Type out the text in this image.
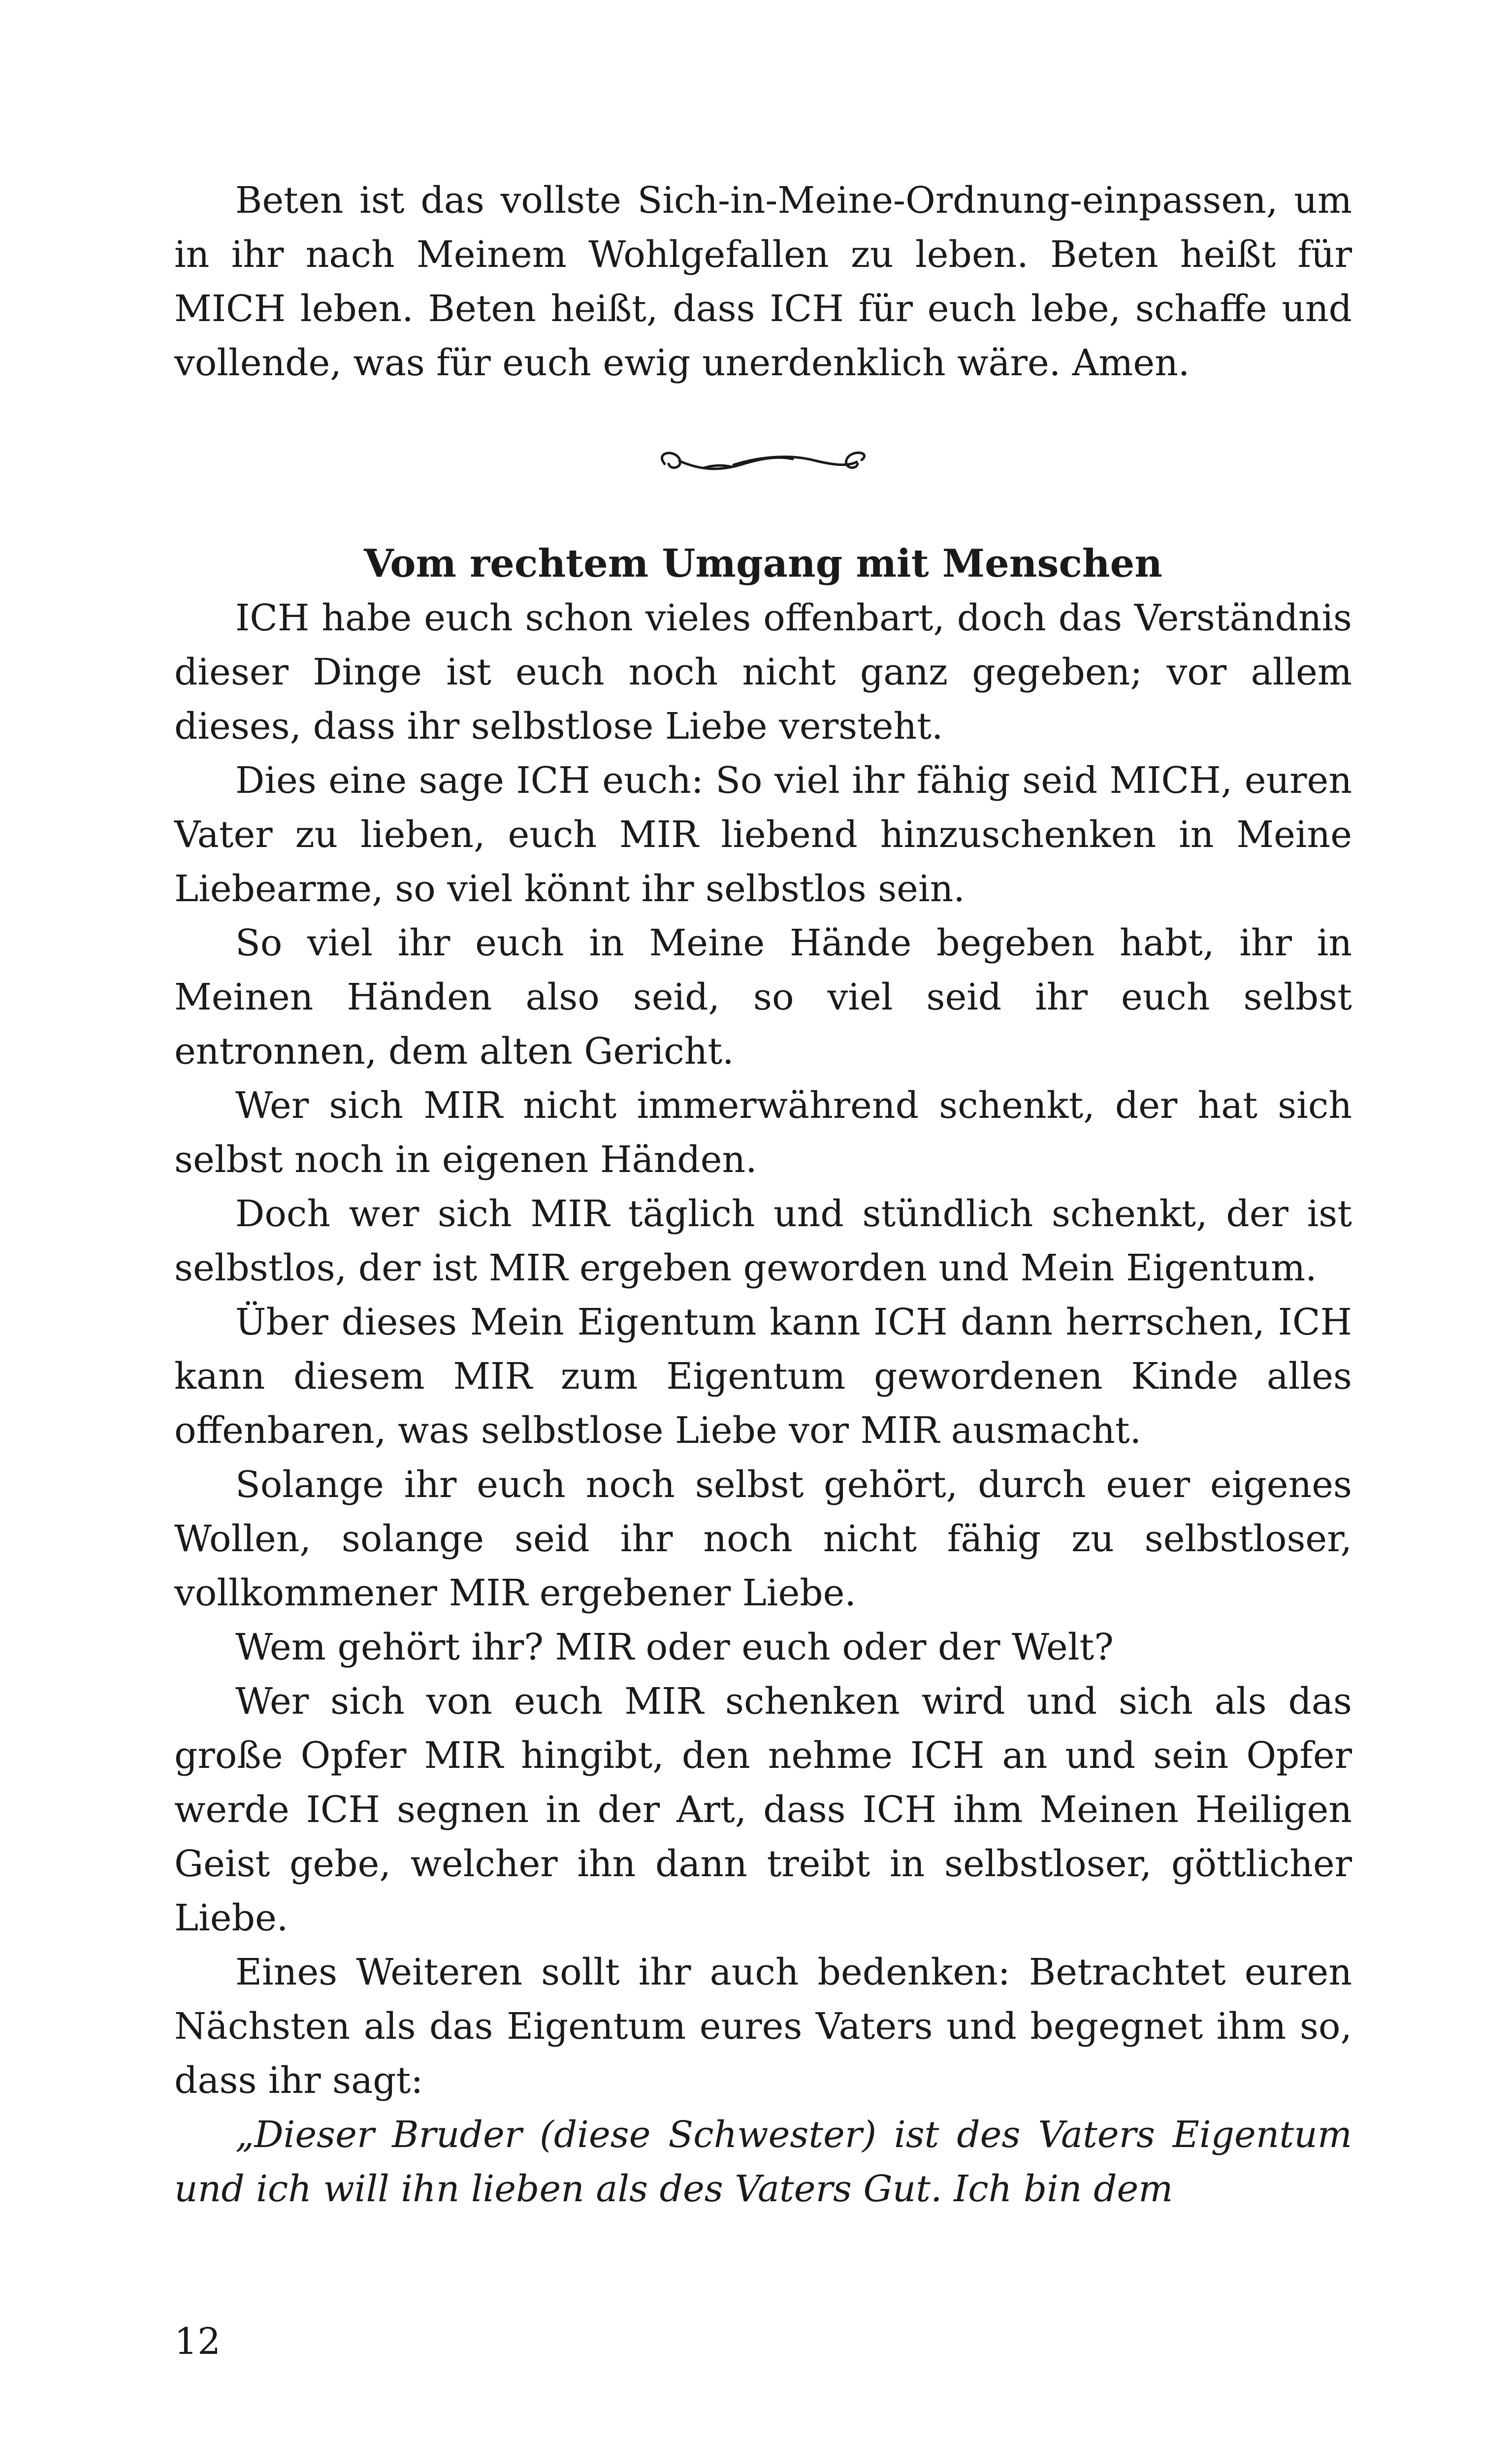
Beten ist das vollste Sich-in-Meine-Ordnung-einpassen, um in ihr nach Meinem Wohlgefallen zu leben. Beten heißt für MICH leben. Beten heißt, dass ICH für euch lebe, schaffe und vollende, was für euch ewig unerdenklich wäre. Amen.

Vom rechtem Umgang mit Menschen

ICH habe euch schon vieles offenbart, doch das Verständnis dieser Dinge ist euch noch nicht ganz gegeben; vor allem dieses, dass ihr selbstlose Liebe versteht.

Dies eine sage ICH euch: So viel ihr fähig seid MICH, euren Vater zu lieben, euch MIR liebend hinzuschenken in Meine Liebearme, so viel könnt ihr selbstlos sein.

So viel ihr euch in Meine Hände begeben habt, ihr in Meinen Händen also seid, so viel seid ihr euch selbst entronnen, dem alten Gericht.

Wer sich MIR nicht immerwährend schenkt, der hat sich selbst noch in eigenen Händen.

Doch wer sich MIR täglich und stündlich schenkt, der ist selbstlos, der ist MIR ergeben geworden und Mein Eigentum.

Über dieses Mein Eigentum kann ICH dann herrschen, ICH kann diesem MIR zum Eigentum gewordenen Kinde alles offenbaren, was selbstlose Liebe vor MIR ausmacht.

Solange ihr euch noch selbst gehört, durch euer eigenes Wollen, solange seid ihr noch nicht fähig zu selbstloser, vollkommener MIR ergebener Liebe.

Wem gehört ihr? MIR oder euch oder der Welt?

Wer sich von euch MIR schenken wird und sich als das große Opfer MIR hingibt, den nehme ICH an und sein Opfer werde ICH segnen in der Art, dass ICH ihm Meinen Heiligen Geist gebe, welcher ihn dann treibt in selbstloser, göttlicher Liebe.

Eines Weiteren sollt ihr auch bedenken: Betrachtet euren Nächsten als das Eigentum eures Vaters und begegnet ihm so, dass ihr sagt:

„Dieser Bruder (diese Schwester) ist des Vaters Eigentum und ich will ihn lieben als des Vaters Gut. Ich bin dem

12
